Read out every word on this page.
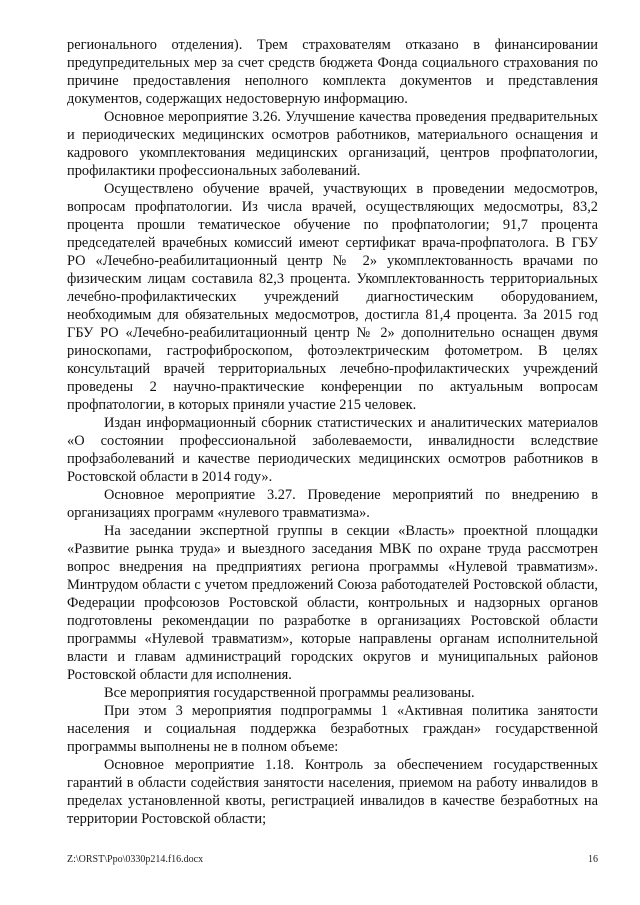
регионального отделения). Трем страхователям отказано в финансировании предупредительных мер за счет средств бюджета Фонда социального страхования по причине предоставления неполного комплекта документов и представления документов, содержащих недостоверную информацию.

Основное мероприятие 3.26. Улучшение качества проведения предварительных и периодических медицинских осмотров работников, материального оснащения и кадрового укомплектования медицинских организаций, центров профпатологии, профилактики профессиональных заболеваний.

Осуществлено обучение врачей, участвующих в проведении медосмотров, вопросам профпатологии. Из числа врачей, осуществляющих медосмотры, 83,2 процента прошли тематическое обучение по профпатологии; 91,7 процента председателей врачебных комиссий имеют сертификат врача-профпатолога. В ГБУ РО «Лечебно-реабилитационный центр № 2» укомплектованность врачами по физическим лицам составила 82,3 процента. Укомплектованность территориальных лечебно-профилактических учреждений диагностическим оборудованием, необходимым для обязательных медосмотров, достигла 81,4 процента. За 2015 год ГБУ РО «Лечебно-реабилитационный центр № 2» дополнительно оснащен двумя риноскопами, гастрофиброскопом, фотоэлектрическим фотометром. В целях консультаций врачей территориальных лечебно-профилактических учреждений проведены 2 научно-практические конференции по актуальным вопросам профпатологии, в которых приняли участие 215 человек.

Издан информационный сборник статистических и аналитических материалов «О состоянии профессиональной заболеваемости, инвалидности вследствие профзаболеваний и качестве периодических медицинских осмотров работников в Ростовской области в 2014 году».

Основное мероприятие 3.27. Проведение мероприятий по внедрению в организациях программ «нулевого травматизма».

На заседании экспертной группы в секции «Власть» проектной площадки «Развитие рынка труда» и выездного заседания МВК по охране труда рассмотрен вопрос внедрения на предприятиях региона программы «Нулевой травматизм». Минтрудом области с учетом предложений Союза работодателей Ростовской области, Федерации профсоюзов Ростовской области, контрольных и надзорных органов подготовлены рекомендации по разработке в организациях Ростовской области программы «Нулевой травматизм», которые направлены органам исполнительной власти и главам администраций городских округов и муниципальных районов Ростовской области для исполнения.

Все мероприятия государственной программы реализованы.

При этом 3 мероприятия подпрограммы 1 «Активная политика занятости населения и социальная поддержка безработных граждан» государственной программы выполнены не в полном объеме:

Основное мероприятие 1.18. Контроль за обеспечением государственных гарантий в области содействия занятости населения, приемом на работу инвалидов в пределах установленной квоты, регистрацией инвалидов в качестве безработных на территории Ростовской области;

Z:\ORST\Ppo\0330p214.f16.docx	16
